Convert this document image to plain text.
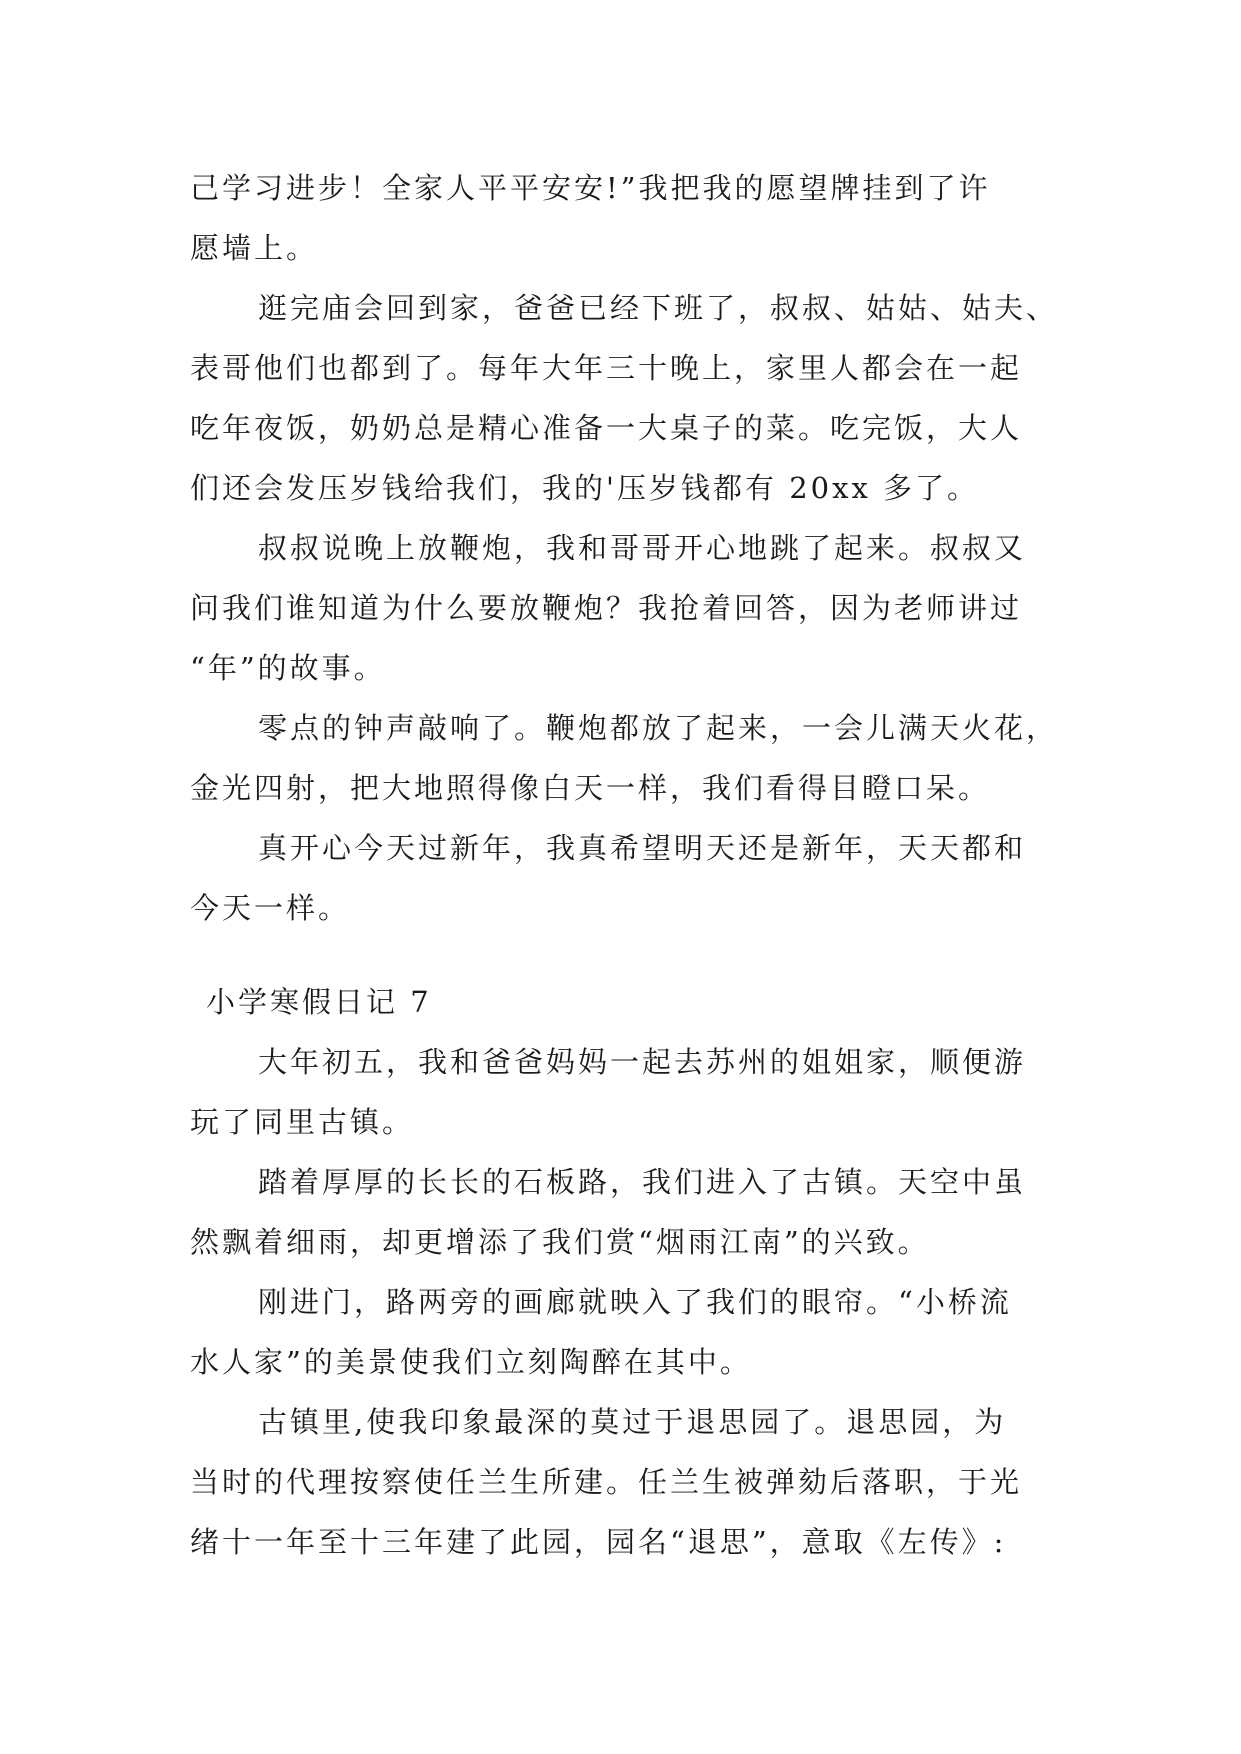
己学习进步！全家人平平安安!”我把我的愿望牌挂到了许
愿墙上。
逛完庙会回到家，爸爸已经下班了，叔叔、姑姑、姑夫、
表哥他们也都到了。每年大年三十晚上，家里人都会在一起
吃年夜饭，奶奶总是精心准备一大桌子的菜。吃完饭，大人
们还会发压岁钱给我们，我的'压岁钱都有 20xx 多了。
叔叔说晚上放鞭炮，我和哥哥开心地跳了起来。叔叔又
问我们谁知道为什么要放鞭炮？我抢着回答，因为老师讲过
“年”的故事。
零点的钟声敲响了。鞭炮都放了起来，一会儿满天火花，
金光四射，把大地照得像白天一样，我们看得目瞪口呆。
真开心今天过新年，我真希望明天还是新年，天天都和
今天一样。
小学寒假日记 7
大年初五，我和爸爸妈妈一起去苏州的姐姐家，顺便游
玩了同里古镇。
踏着厚厚的长长的石板路，我们进入了古镇。天空中虽
然飘着细雨，却更增添了我们赏“烟雨江南”的兴致。
刚进门，路两旁的画廊就映入了我们的眼帘。“小桥流
水人家”的美景使我们立刻陶醉在其中。
古镇里,使我印象最深的莫过于退思园了。退思园，为
当时的代理按察使任兰生所建。任兰生被弹劾后落职，于光
绪十一年至十三年建了此园，园名“退思”，意取《左传》:
